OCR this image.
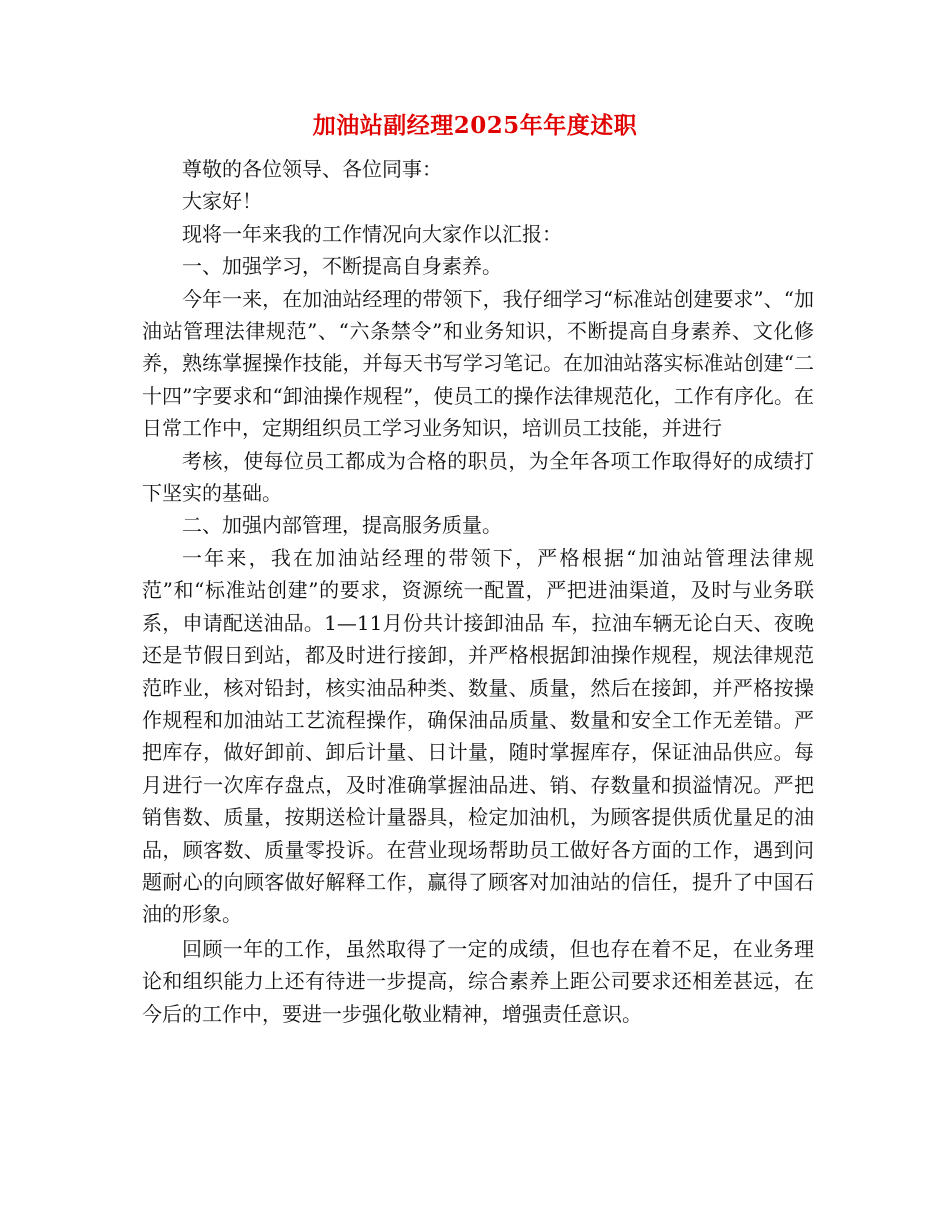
加油站副经理2025年年度述职

尊敬的各位领导、各位同事：

大家好！

现将一年来我的工作情况向大家作以汇报：

一、加强学习，不断提高自身素养。

今年一来，在加油站经理的带领下，我仔细学习“标准站创建要求”、“加油站管理法律规范”、“六条禁令”和业务知识，不断提高自身素养、文化修养，熟练掌握操作技能，并每天书写学习笔记。在加油站落实标准站创建“二十四”字要求和“卸油操作规程”，使员工的操作法律规范化，工作有序化。在日常工作中，定期组织员工学习业务知识，培训员工技能，并进行

考核，使每位员工都成为合格的职员，为全年各项工作取得好的成绩打下坚实的基础。

二、加强内部管理，提高服务质量。

一年来，我在加油站经理的带领下，严格根据“加油站管理法律规范”和“标准站创建”的要求，资源统一配置，严把进油渠道，及时与业务联系，申请配送油品。1—11月份共计接卸油品 车，拉油车辆无论白天、夜晚还是节假日到站，都及时进行接卸，并严格根据卸油操作规程，规法律规范范昨业，核对铅封，核实油品种类、数量、质量，然后在接卸，并严格按操作规程和加油站工艺流程操作，确保油品质量、数量和安全工作无差错。严把库存，做好卸前、卸后计量、日计量，随时掌握库存，保证油品供应。每月进行一次库存盘点，及时准确掌握油品进、销、存数量和损溢情况。严把销售数、质量，按期送检计量器具，检定加油机，为顾客提供质优量足的油品，顾客数、质量零投诉。在营业现场帮助员工做好各方面的工作，遇到问题耐心的向顾客做好解释工作，赢得了顾客对加油站的信任，提升了中国石油的形象。

回顾一年的工作，虽然取得了一定的成绩，但也存在着不足，在业务理论和组织能力上还有待进一步提高，综合素养上距公司要求还相差甚远，在今后的工作中，要进一步强化敬业精神，增强责任意识。
